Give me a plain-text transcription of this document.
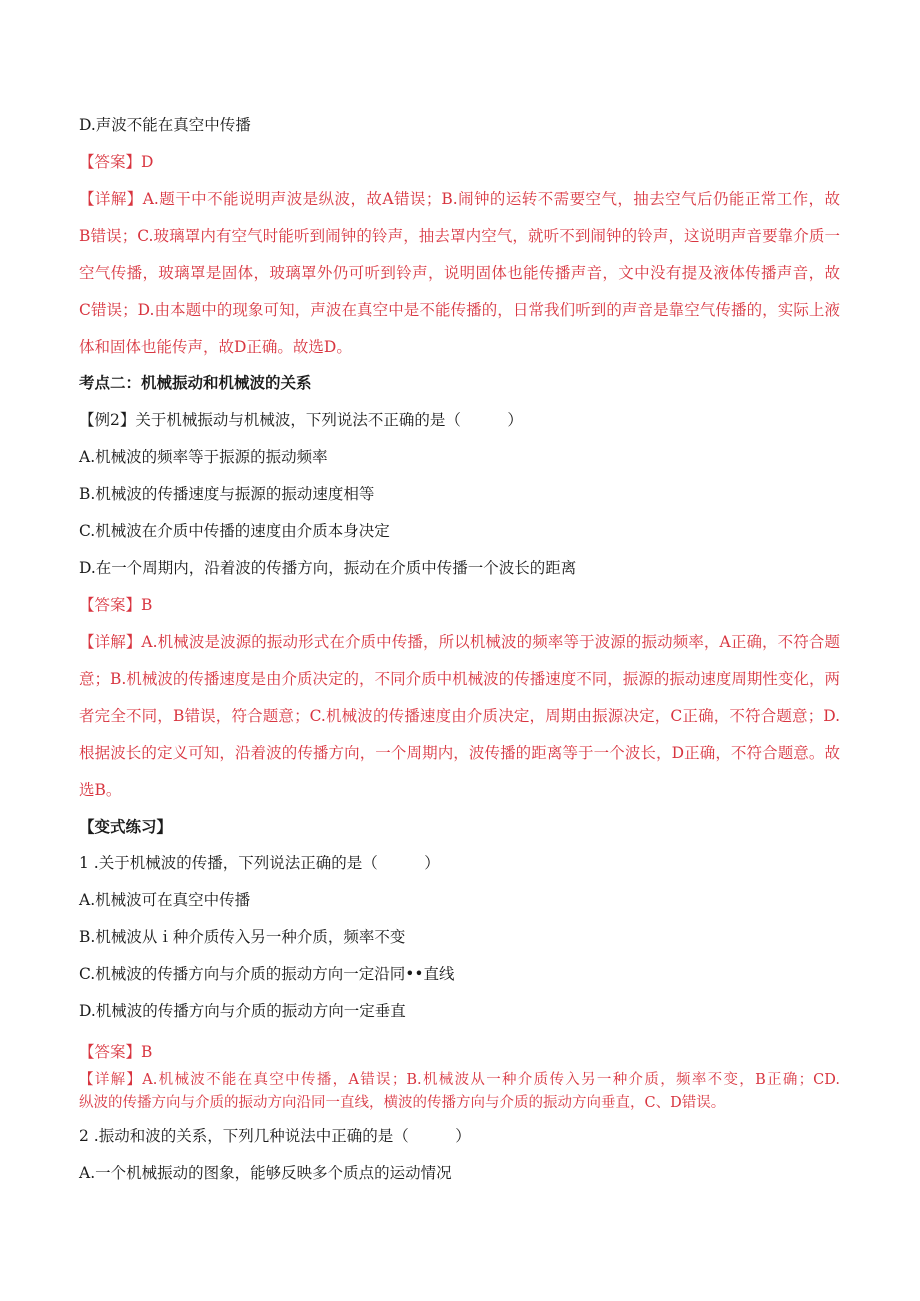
D.声波不能在真空中传播
【答案】D
【详解】A.题干中不能说明声波是纵波，故A错误；B.闹钟的运转不需要空气，抽去空气后仍能正常工作，故
B错误；C.玻璃罩内有空气时能听到闹钟的铃声，抽去罩内空气，就听不到闹钟的铃声，这说明声音要靠介质一
空气传播，玻璃罩是固体，玻璃罩外仍可听到铃声，说明固体也能传播声音，文中没有提及液体传播声音，故
C错误；D.由本题中的现象可知，声波在真空中是不能传播的，日常我们听到的声音是靠空气传播的，实际上液
体和固体也能传声，故D正确。故选D。
考点二：机械振动和机械波的关系
【例2】关于机械振动与机械波，下列说法不正确的是（　　　）
A.机械波的频率等于振源的振动频率
B.机械波的传播速度与振源的振动速度相等
C.机械波在介质中传播的速度由介质本身决定
D.在一个周期内，沿着波的传播方向，振动在介质中传播一个波长的距离
【答案】B
【详解】A.机械波是波源的振动形式在介质中传播，所以机械波的频率等于波源的振动频率，A正确，不符合题
意；B.机械波的传播速度是由介质决定的，不同介质中机械波的传播速度不同，振源的振动速度周期性变化，两
者完全不同，B错误，符合题意；C.机械波的传播速度由介质决定，周期由振源决定，C正确，不符合题意；D.
根据波长的定义可知，沿着波的传播方向，一个周期内，波传播的距离等于一个波长，D正确，不符合题意。故
选B。
【变式练习】
1 .关于机械波的传播，下列说法正确的是（　　　）
A.机械波可在真空中传播
B.机械波从ｉ种介质传入另一种介质，频率不变
C.机械波的传播方向与介质的振动方向一定沿同••直线
D.机械波的传播方向与介质的振动方向一定垂直
【答案】B
【详解】A.机械波不能在真空中传播，A错误；B.机械波从一种介质传入另一种介质，频率不变，B正确；CD.
纵波的传播方向与介质的振动方向沿同一直线，横波的传播方向与介质的振动方向垂直，C、D错误。
2 .振动和波的关系，下列几种说法中正确的是（　　　）
A.一个机械振动的图象，能够反映多个质点的运动情况
